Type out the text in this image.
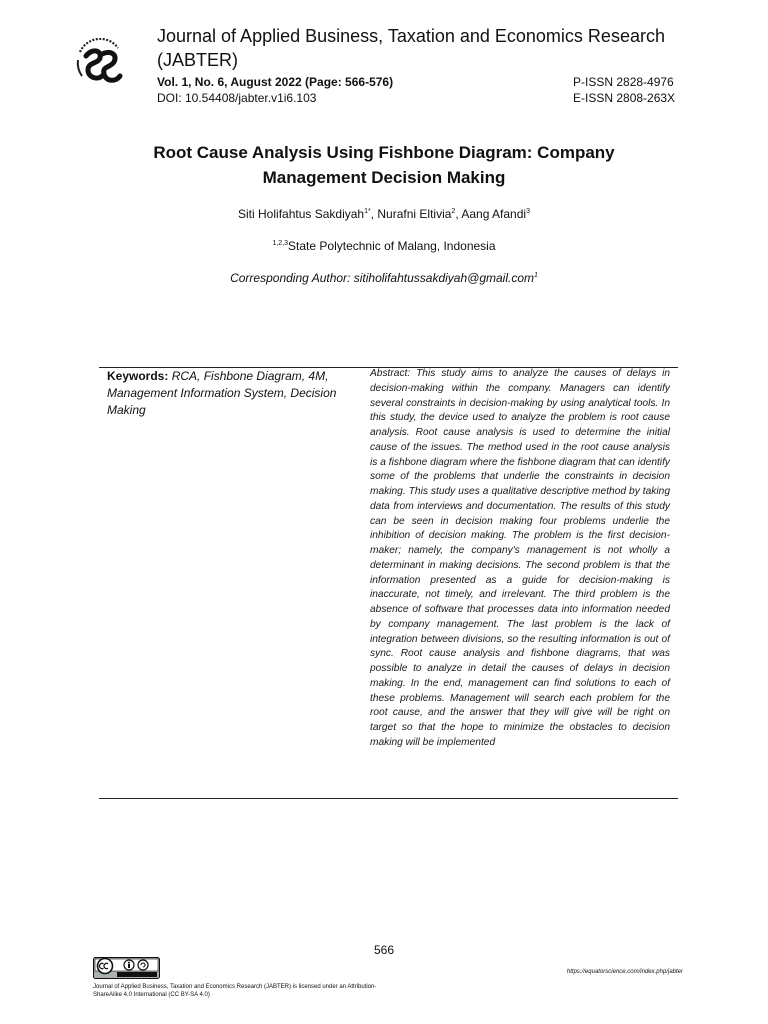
Journal of Applied Business, Taxation and Economics Research (JABTER)
Vol. 1, No. 6, August 2022 (Page: 566-576)
DOI: 10.54408/jabter.v1i6.103
P-ISSN 2828-4976
E-ISSN 2808-263X
Root Cause Analysis Using Fishbone Diagram: Company Management Decision Making
Siti Holifahtus Sakdiyah$^{1*}$, Nurafni Eltivia$^2$, Aang Afandi$^3$
$^{1,2,3}$State Polytechnic of Malang, Indonesia
Corresponding Author: sitiholifahtussakdiyah@gmail.com$^1$
Keywords: RCA, Fishbone Diagram, 4M, Management Information System, Decision Making
Abstract: This study aims to analyze the causes of delays in decision-making within the company. Managers can identify several constraints in decision-making by using analytical tools. In this study, the device used to analyze the problem is root cause analysis. Root cause analysis is used to determine the initial cause of the issues. The method used in the root cause analysis is a fishbone diagram where the fishbone diagram that can identify some of the problems that underlie the constraints in decision making. This study uses a qualitative descriptive method by taking data from interviews and documentation. The results of this study can be seen in decision making four problems underlie the inhibition of decision making. The problem is the first decision-maker; namely, the company's management is not wholly a determinant in making decisions. The second problem is that the information presented as a guide for decision-making is inaccurate, not timely, and irrelevant. The third problem is the absence of software that processes data into information needed by company management. The last problem is the lack of integration between divisions, so the resulting information is out of sync. Root cause analysis and fishbone diagrams, that was possible to analyze in detail the causes of delays in decision making. In the end, management can find solutions to each of these problems. Management will search each problem for the root cause, and the answer that they will give will be right on target so that the hope to minimize the obstacles to decision making will be implemented
566
https://equatorscience.com/index.php/jabter
Journal of Applied Business, Taxation and Economics Research (JABTER) is licensed under an Attribution-ShareAlike 4.0 International (CC BY-SA 4.0)
